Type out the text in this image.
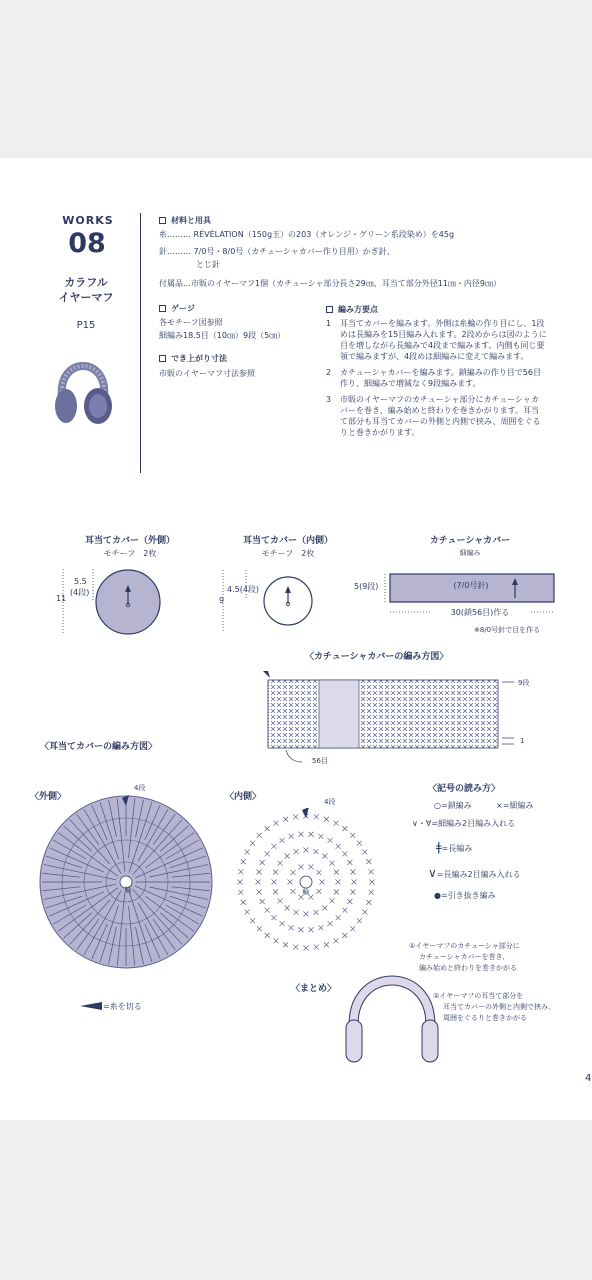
WORKS
08
カラフル
イヤーマフ
P15
材料と用具
糸……… RÉVÉLATION（150g玉）の203（オレンジ・グリーン系段染め）を45g
針……… 7/0号・8/0号（カチューシャカバー作り目用）かぎ針、
とじ針
付属品…市販のイヤーマフ1個（カチューシャ部分長さ29㎝、耳当て部分外径11㎝・内径9㎝）
ゲージ
各モチーフ図参照
細編み18.5目（10㎝）9段（5㎝）
でき上がり寸法
市販のイヤーマフ寸法参照
編み方要点
1 耳当てカバーを編みます。外側は糸輪の作り目にし、1段
めは長編みを15目編み入れます。2段めからは図のように
目を増しながら長編みで4段まで編みます。内側も同じ要
領で編みますが、4段めは細編みに変えて編みます。
2 カチューシャカバーを編みます。鎖編みの作り目で56目
作り、細編みで増減なく9段編みます。
3 市販のイヤーマフのカチューシャ部分にカチューシャカ
バーを巻き、編み始めと終わりを巻きかがります。耳当
て部分も耳当てカバーの外側と内側で挟み、周囲をぐる
りと巻きかがります。
耳当てカバー（外側）
モチーフ　2枚
11
5.5
(4段)
耳当てカバー（内側）
モチーフ　2枚
9
4.5(4段)
カチューシャカバー
細編み
(7/0号針)
5(9段)
30(鎖56目)作る
※8/0号針で目を作る
〈カチューシャカバーの編み方図〉
9段
1
56目
〈耳当てカバーの編み方図〉
〈外側〉	〈内側〉
輪
4段
輪
4段
=糸を切る
〈記号の読み方〉
○=鎖編み	×=細編み
∨・∀=細編み2目編み入れる
ǂ=長編み
∨=長編み2目編み入れる
●=引き抜き編み
〈まとめ〉
①イヤーマフのカチューシャ部分に
カチューシャカバーを巻き、
編み始めと終わりを巻きかがる
②イヤーマフの耳当て部分を
耳当てカバーの外側と内側で挟み、
周囲をぐるりと巻きかがる
4
